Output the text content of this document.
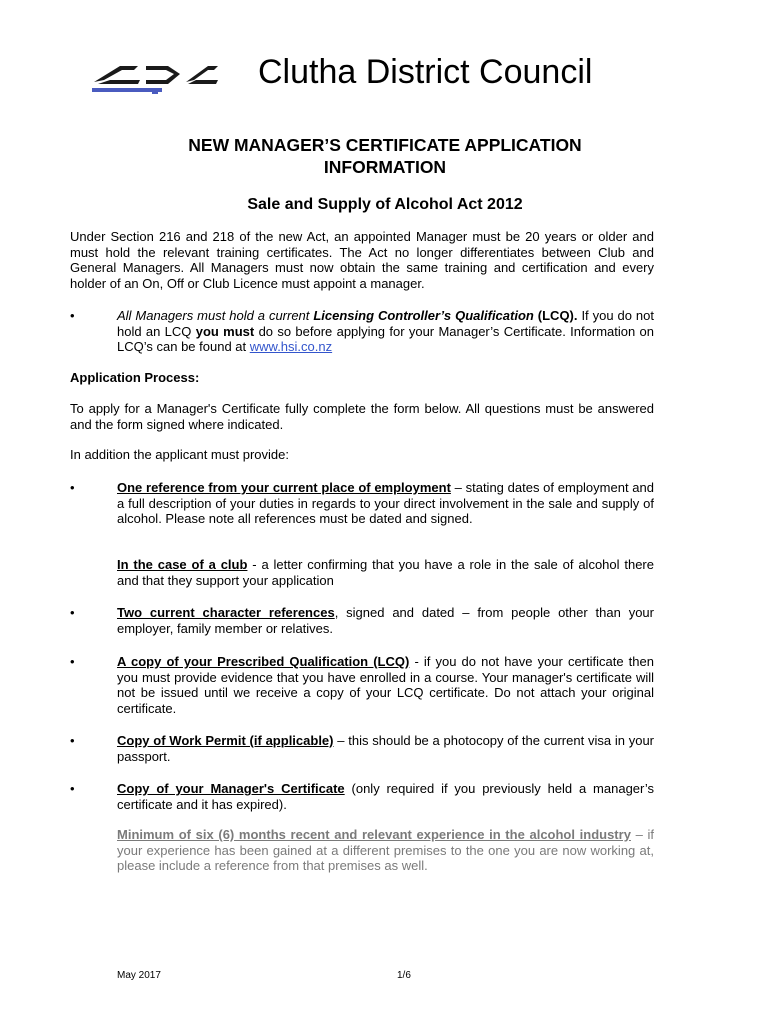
Clutha District Council
NEW MANAGER’S CERTIFICATE APPLICATION
INFORMATION
Sale and Supply of Alcohol Act 2012
Under Section 216 and 218 of the new Act, an appointed Manager must be 20 years or older and must hold the relevant training certificates. The Act no longer differentiates between Club and General Managers. All Managers must now obtain the same training and certification and every holder of an On, Off or Club Licence must appoint a manager.
•	All Managers must hold a current Licensing Controller’s Qualification (LCQ). If you do not hold an LCQ you must do so before applying for your Manager’s Certificate. Information on LCQ’s can be found at www.hsi.co.nz
Application Process:
To apply for a Manager's Certificate fully complete the form below. All questions must be answered and the form signed where indicated.
In addition the applicant must provide:
•	One reference from your current place of employment – stating dates of employment and a full description of your duties in regards to your direct involvement in the sale and supply of alcohol. Please note all references must be dated and signed.
In the case of a club - a letter confirming that you have a role in the sale of alcohol there and that they support your application
•	Two current character references, signed and dated – from people other than your employer, family member or relatives.
•	A copy of your Prescribed Qualification (LCQ) - if you do not have your certificate then you must provide evidence that you have enrolled in a course. Your manager's certificate will not be issued until we receive a copy of your LCQ certificate. Do not attach your original certificate.
•	Copy of Work Permit (if applicable) – this should be a photocopy of the current visa in your passport.
•	Copy of your Manager's Certificate (only required if you previously held a manager’s certificate and it has expired).
Minimum of six (6) months recent and relevant experience in the alcohol industry – if your experience has been gained at a different premises to the one you are now working at, please include a reference from that premises as well.
May 2017	1/6
